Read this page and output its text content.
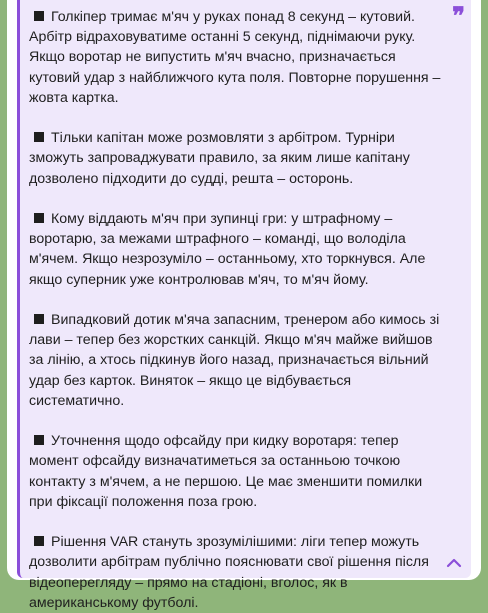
❞

Голкіпер тримає м'яч у руках понад 8 секунд – кутовий. Арбітр відраховуватиме останні 5 секунд, піднімаючи руку. Якщо воротар не випустить м'яч вчасно, призначається кутовий удар з найближчого кута поля. Повторне порушення – жовта картка.

Тільки капітан може розмовляти з арбітром. Турніри зможуть запроваджувати правило, за яким лише капітану дозволено підходити до судді, решта – осторонь.

Кому віддають м'яч при зупинці гри: у штрафному – воротарю, за межами штрафного – команді, що володіла м'ячем. Якщо незрозуміло – останньому, хто торкнувся. Але якщо суперник уже контролював м'яч, то м'яч йому.

Випадковий дотик м'яча запасним, тренером або кимось зі лави – тепер без жорстких санкцій. Якщо м'яч майже вийшов за лінію, а хтось підкинув його назад, призначається вільний удар без карток. Виняток – якщо це відбувається систематично.

Уточнення щодо офсайду при кидку воротаря: тепер момент офсайду визначатиметься за останньою точкою контакту з м'ячем, а не першою. Це має зменшити помилки при фіксації положення поза грою.

Рішення VAR стануть зрозумілішими: ліги тепер можуть дозволити арбітрам публічно пояснювати свої рішення після відеоперегляду – прямо на стадіоні, вголос, як в американському футболі.
